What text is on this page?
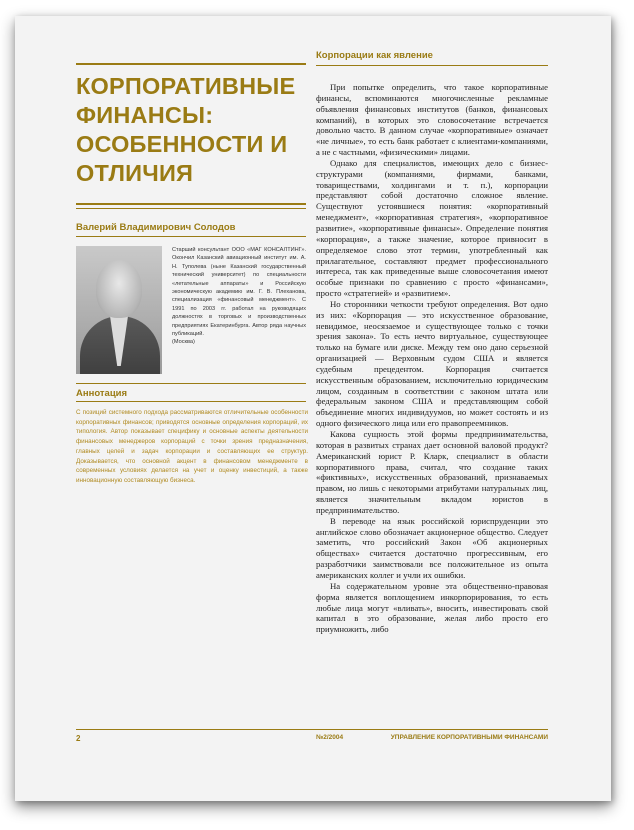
Корпорации как явление
КОРПОРАТИВНЫЕ ФИНАНСЫ: ОСОБЕННОСТИ И ОТЛИЧИЯ
Валерий Владимирович Солодов
Старший консультант ООО «МАГ КОНСАЛТИНГ». Окончил Казанский авиационный институт им. А. Н. Туполева (ныне Казанский государственный технический университет) по специальности «летательные аппараты» и Российскую экономическую академию им. Г. В. Плеханова, специализация «финансовый менеджмент». С 1991 по 2003 гг. работал на руководящих должностях в торговых и производственных предприятиях Екатеринбурга. Автор ряда научных публикаций.
(Москва)
Аннотация
С позиций системного подхода рассматриваются отличительные особенности корпоративных финансов; приводятся основные определения корпораций, их типология. Автор показывает специфику и основные аспекты деятельности финансовых менеджеров корпораций с точки зрения предназначения, главных целей и задач корпорации и составляющих ее структур. Доказывается, что основной акцент в финансовом менеджменте в современных условиях делается на учет и оценку инвестиций, а также инновационную составляющую бизнеса.

При попытке определить, что такое корпоративные финансы, вспоминаются многочисленные рекламные объявления финансовых институтов (банков, финансовых компаний), в которых это словосочетание встречается довольно часто. В данном случае «корпоративные» означает «не личные», то есть банк работает с клиентами-компаниями, а не с частными, «физическими» лицами.

Однако для специалистов, имеющих дело с бизнес-структурами (компаниями, фирмами, банками, товариществами, холдингами и т. п.), корпорации представляют собой достаточно сложное явление. Существуют устоявшиеся понятия: «корпоративный менеджмент», «корпоративная стратегия», «корпоративное развитие», «корпоративные финансы». Определение понятия «корпорация», а также значение, которое привносит в определяемое слово этот термин, употребленный как прилагательное, составляют предмет профессионального интереса, так как приведенные выше словосочетания имеют особые признаки по сравнению с просто «финансами», просто «стратегией» и «развитием».

Но сторонники четкости требуют определения. Вот одно из них: «Корпорация — это искусственное образование, невидимое, неосязаемое и существующее только с точки зрения закона». То есть нечто виртуальное, существующее только на бумаге или диске. Между тем оно дано серьезной организацией — Верховным судом США и является судебным прецедентом. Корпорация считается искусственным образованием, исключительно юридическим лицом, созданным в соответствии с законом штата или федеральным законом США и представляющим собой объединение многих индивидуумов, но может состоять и из одного физического лица или его правопреемников.

Какова сущность этой формы предпринимательства, которая в развитых странах дает основной валовой продукт? Американский юрист Р. Кларк, специалист в области корпоративного права, считал, что создание таких «фиктивных», искусственных образований, признаваемых правом, но лишь с некоторыми атрибутами натуральных лиц, является значительным вкладом юристов в предпринимательство.

В переводе на язык российской юриспруденции это английское слово обозначает акционерное общество. Следует заметить, что российский Закон «Об акционерных обществах» считается достаточно прогрессивным, его разработчики заимствовали все положительное из опыта американских коллег и учли их ошибки.

На содержательном уровне эта общественно-правовая форма является воплощением инкорпорирования, то есть любые лица могут «вливать», вносить, инвестировать свой капитал в это образование, желая либо просто его приумножить, либо

2	№2/2004	УПРАВЛЕНИЕ КОРПОРАТИВНЫМИ ФИНАНСАМИ
